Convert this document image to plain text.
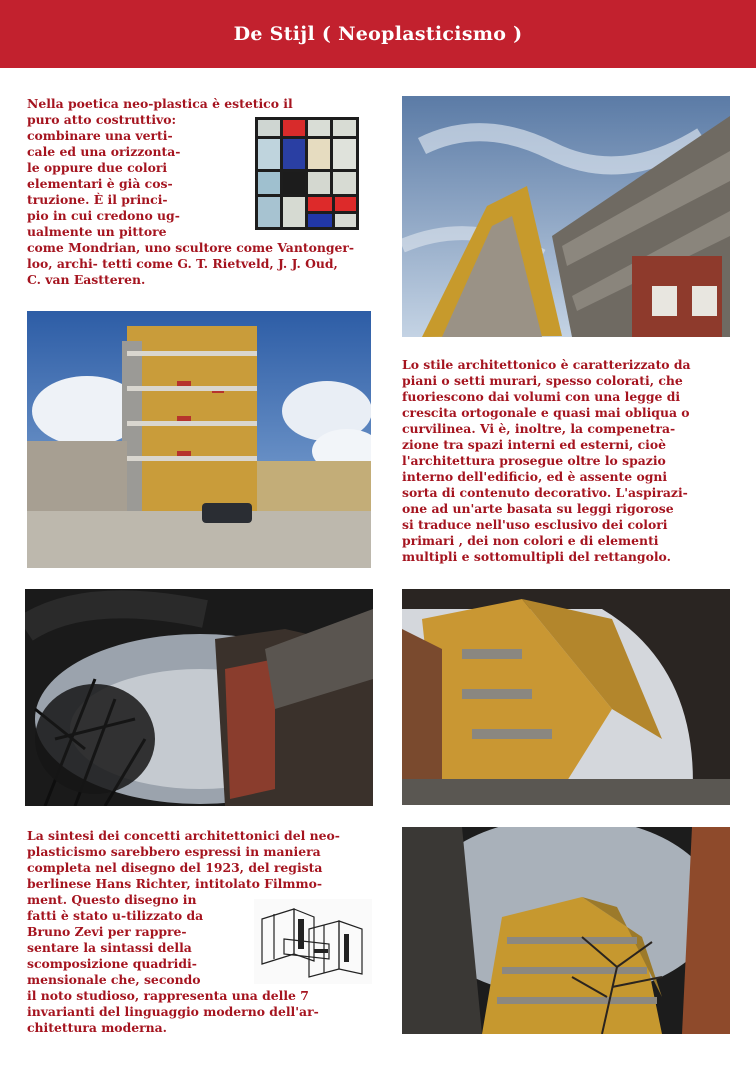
De Stijl ( Neoplasticismo )
Nella poetica neo-plastica è estetico il
puro atto costruttivo:
combinare una verti-
cale ed una orizzonta-
le oppure due colori
elementari è già cos-
truzione. È il princi-
pio in cui credono ug-
ualmente un pittore
come Mondrian, uno scultore come Vantonger-
loo, archi- tetti come G. T. Rietveld, J. J. Oud,
C. van Eastteren.
Lo stile architettonico è caratterizzato da
piani o setti murari, spesso colorati, che
fuoriescono dai volumi con una legge di
crescita ortogonale e quasi mai obliqua o
curvilinea. Vi è, inoltre, la compenetra-
zione tra spazi interni ed esterni, cioè
l'architettura prosegue oltre lo spazio
interno dell'edificio, ed è assente ogni
sorta di contenuto decorativo. L'aspirazi-
one ad un'arte basata su leggi rigorose
si traduce nell'uso esclusivo dei colori
primari , dei non colori e di elementi
multipli e sottomultipli del rettangolo.
La sintesi dei concetti architettonici del neo-
plasticismo sarebbero espressi in maniera
completa nel disegno del 1923, del regista
berlinese Hans Richter, intitolato Filmmo-
ment. Questo disegno in
fatti è stato u-tilizzato da
Bruno Zevi per rappre-
sentare la sintassi della
scomposizione quadridi-
mensionale che, secondo
il noto studioso, rappresenta una delle 7
invarianti del linguaggio moderno dell'ar-
chitettura moderna.
